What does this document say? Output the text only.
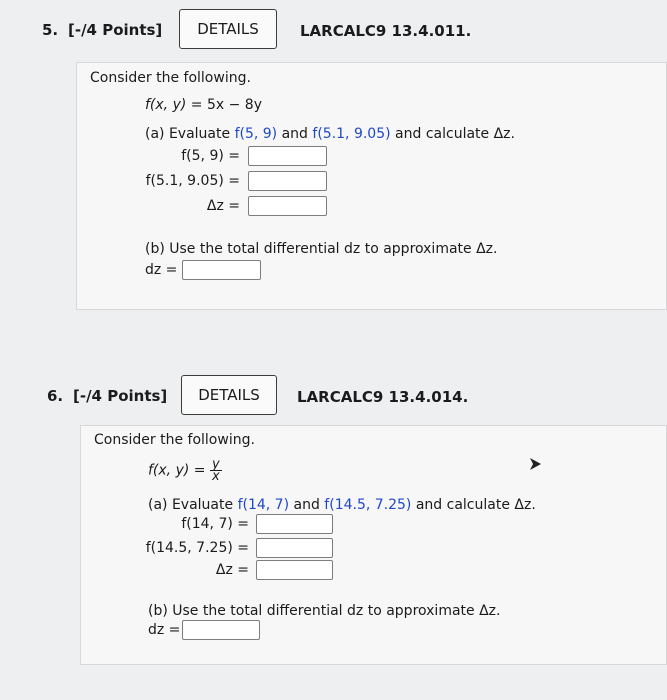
5. [-/4 Points] DETAILS	LARCALC9 13.4.011.
Consider the following.
f(x, y) = 5x − 8y
(a) Evaluate f(5, 9) and f(5.1, 9.05) and calculate Δz.
f(5, 9) =
f(5.1, 9.05) =
Δz =
(b) Use the total differential dz to approximate Δz.
dz =
6. [-/4 Points] DETAILS LARCALC9 13.4.014.
Consider the following.
f(x, $y) = \frac{y}{x}$
(a) Evaluate f(14, 7) and f(14.5, 7.25) and calculate Δz.
f(14, 7) =
f(14.5, 7.25) =
Δz =
(b) Use the total differential dz to approximate Δz.
dz =
